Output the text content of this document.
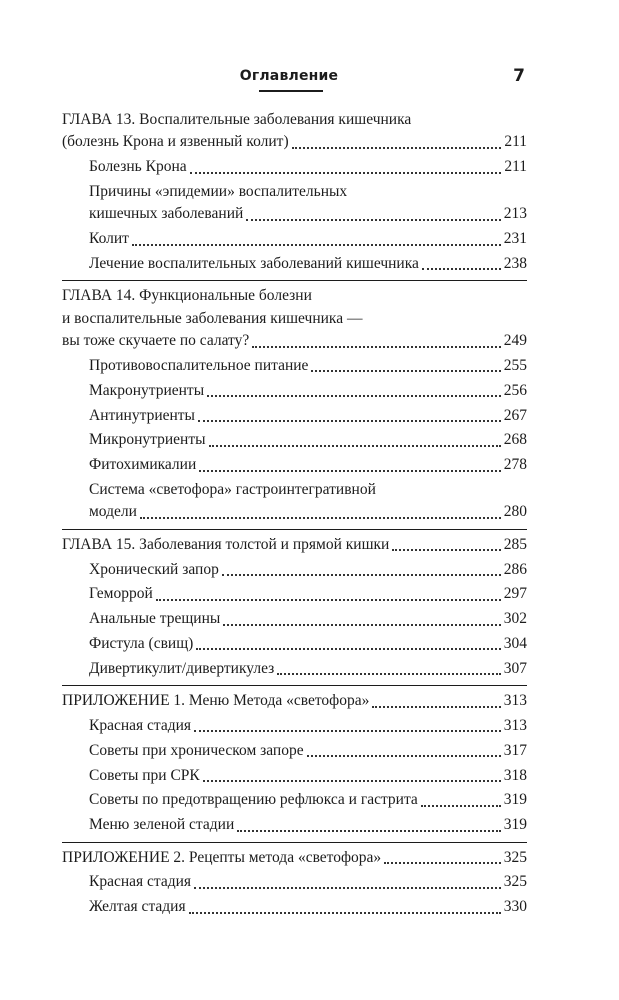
Оглавление	7
ГЛАВА 13. Воспалительные заболевания кишечника
(болезнь Крона и язвенный колит)	211
Болезнь Крона	211
Причины «эпидемии» воспалительных
кишечных заболеваний	213
Колит	231
Лечение воспалительных заболеваний кишечника	238
ГЛАВА 14. Функциональные болезни
и воспалительные заболевания кишечника —
вы тоже скучаете по салату?	249
Противовоспалительное питание	255
Макронутриенты	256
Антинутриенты	267
Микронутриенты	268
Фитохимикалии	278
Система «светофора» гастроинтегративной
модели	280
ГЛАВА 15. Заболевания толстой и прямой кишки	285
Хронический запор	286
Геморрой	297
Анальные трещины	302
Фистула (свищ)	304
Дивертикулит/дивертикулез	307
ПРИЛОЖЕНИЕ 1. Меню Метода «светофора»	313
Красная стадия	313
Советы при хроническом запоре	317
Советы при СРК	318
Советы по предотвращению рефлюкса и гастрита	319
Меню зеленой стадии	319
ПРИЛОЖЕНИЕ 2. Рецепты метода «светофора»	325
Красная стадия	325
Желтая стадия	330
